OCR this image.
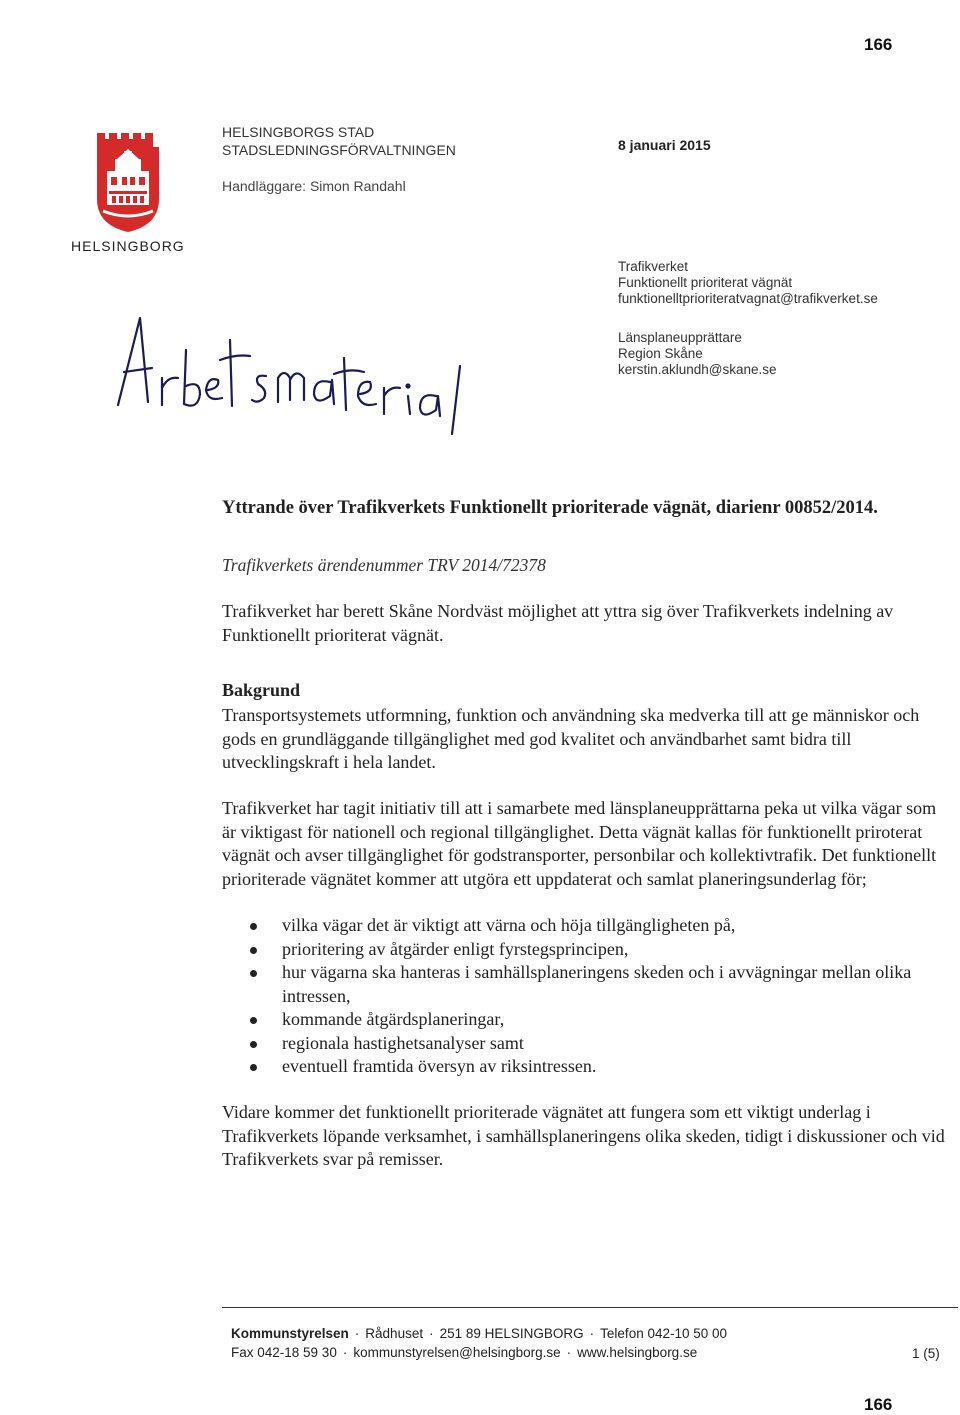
166
HELSINGBORG
HELSINGBORGS STAD
STADSLEDNINGSFÖRVALTNINGEN	8 januari 2015
Handläggare: Simon Randahl
Trafikverket
Funktionellt prioriterat vägnät
funktionelltprioriteratvagnat@trafikverket.se
Länsplaneupprättare
Region Skåne
kerstin.aklundh@skane.se
Yttrande över Trafikverkets Funktionellt prioriterade vägnät, diarienr 00852/2014.
Trafikverkets ärendenummer TRV 2014/72378

Trafikverket har berett Skåne Nordväst möjlighet att yttra sig över Trafikverkets indelning av Funktionellt prioriterat vägnät.

Bakgrund

Transportsystemets utformning, funktion och användning ska medverka till att ge människor och gods en grundläggande tillgänglighet med god kvalitet och användbarhet samt bidra till utvecklingskraft i hela landet.

Trafikverket har tagit initiativ till att i samarbete med länsplaneupprättarna peka ut vilka vägar som är viktigast för nationell och regional tillgänglighet. Detta vägnät kallas för funktionellt priroterat vägnät och avser tillgänglighet för godstransporter, personbilar och kollektivtrafik. Det funktionellt prioriterade vägnätet kommer att utgöra ett uppdaterat och samlat planeringsunderlag för;

vilka vägar det är viktigt att värna och höja tillgängligheten på,
prioritering av åtgärder enligt fyrstegsprincipen,
hur vägarna ska hanteras i samhällsplaneringens skeden och i avvägningar mellan olika intressen,
kommande åtgärdsplaneringar,
regionala hastighetsanalyser samt
eventuell framtida översyn av riksintressen.

Vidare kommer det funktionellt prioriterade vägnätet att fungera som ett viktigt underlag i Trafikverkets löpande verksamhet, i samhällsplaneringens olika skeden, tidigt i diskussioner och vid Trafikverkets svar på remisser.

Kommunstyrelsen · Rådhuset · 251 89 HELSINGBORG · Telefon 042-10 50 00
Fax 042-18 59 30 · kommunstyrelsen@helsingborg.se · www.helsingborg.se	1 (5)
166
